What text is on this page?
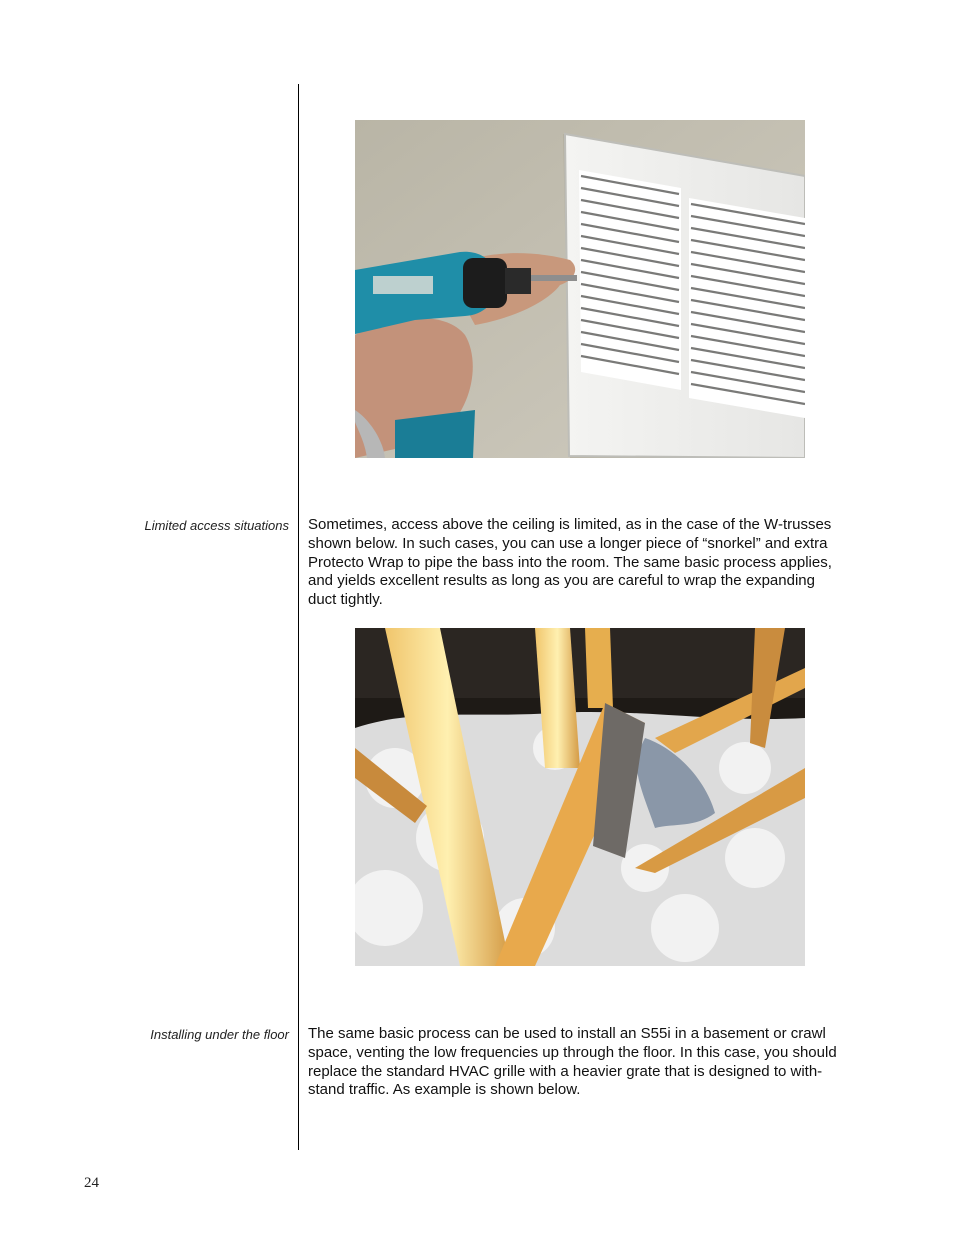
Limited access situations Sometimes, access above the ceiling is limited, as in the case of the W-trusses shown below. In such cases, you can use a longer piece of “snorkel” and extra Protecto Wrap to pipe the bass into the room. The same basic process applies, and yields excellent results as long as you are careful to wrap the expanding duct tightly.
Installing under the floor The same basic process can be used to install an S55i in a basement or crawl space, venting the low frequencies up through the floor. In this case, you should replace the standard HVAC grille with a heavier grate that is designed to with-stand traffic. As example is shown below.
24
